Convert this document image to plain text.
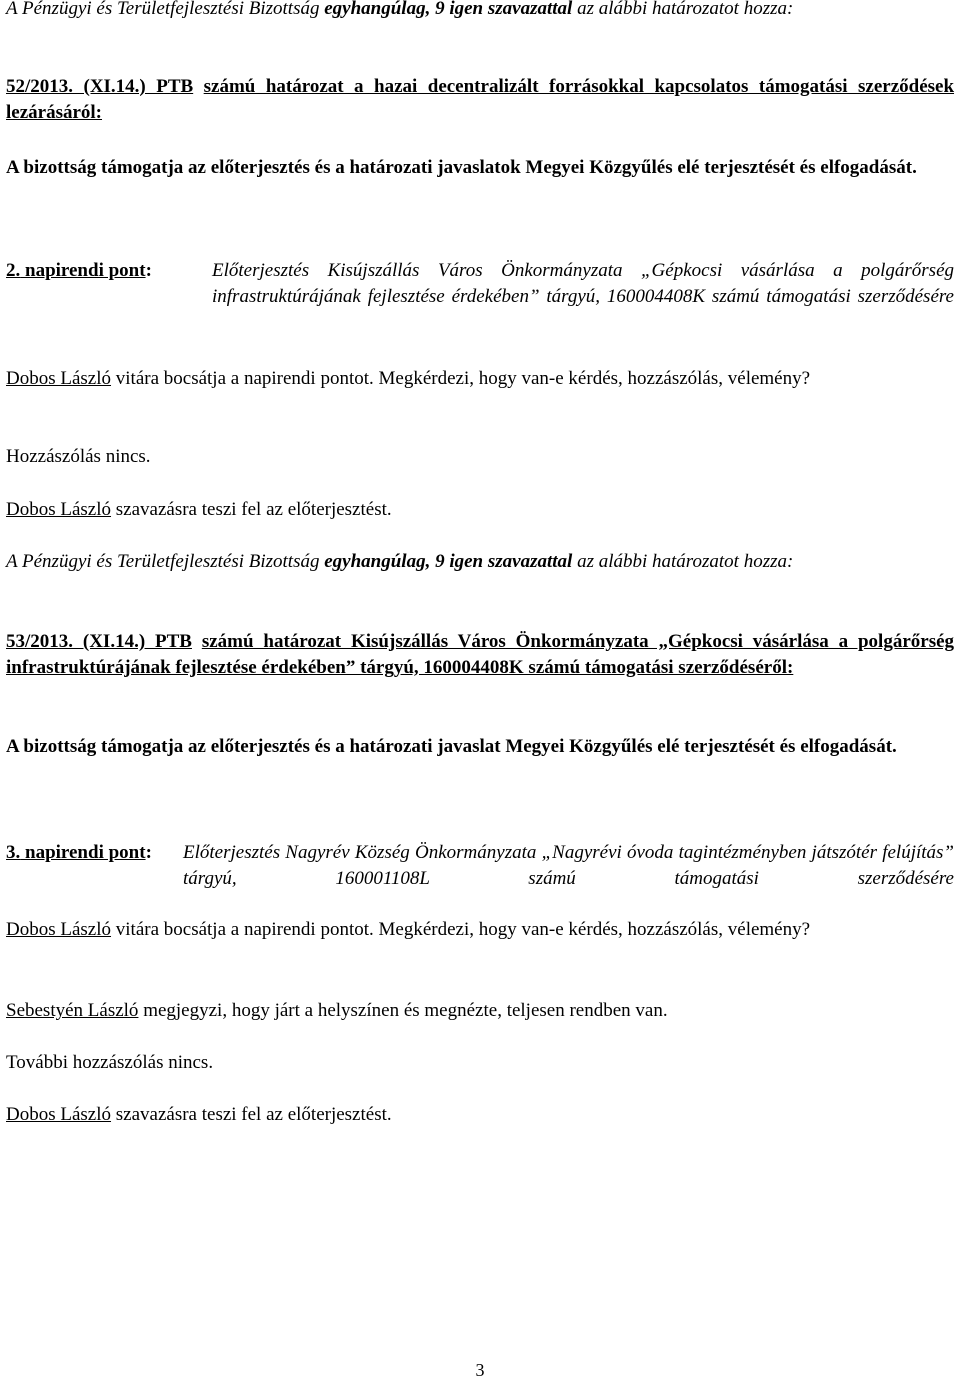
A Pénzügyi és Területfejlesztési Bizottság egyhangúlag, 9 igen szavazattal az alábbi határozatot hozza:

52/2013. (XI.14.) PTB számú határozat a hazai decentralizált forrásokkal kapcsolatos támogatási szerződések lezárásáról:

A bizottság támogatja az előterjesztés és a határozati javaslatok Megyei Közgyűlés elé terjesztését és elfogadását.

2. napirendi pont:	Előterjesztés Kisújszállás Város Önkormányzata „Gépkocsi vásárlása a polgárőrség infrastruktúrájának fejlesztése érdekében” tárgyú, 160004408K számú támogatási szerződésére

Dobos László vitára bocsátja a napirendi pontot. Megkérdezi, hogy van-e kérdés, hozzászólás, vélemény?

Hozzászólás nincs.

Dobos László szavazásra teszi fel az előterjesztést.

A Pénzügyi és Területfejlesztési Bizottság egyhangúlag, 9 igen szavazattal az alábbi határozatot hozza:

53/2013. (XI.14.) PTB számú határozat Kisújszállás Város Önkormányzata „Gépkocsi vásárlása a polgárőrség infrastruktúrájának fejlesztése érdekében” tárgyú, 160004408K számú támogatási szerződéséről:

A bizottság támogatja az előterjesztés és a határozati javaslat Megyei Közgyűlés elé terjesztését és elfogadását.

3. napirendi pont: Előterjesztés Nagyrév Község Önkormányzata „Nagyrévi óvoda tagintézményben játszótér felújítás” tárgyú, 160001108L számú támogatási szerződésére

Dobos László vitára bocsátja a napirendi pontot. Megkérdezi, hogy van-e kérdés, hozzászólás, vélemény?

Sebestyén László megjegyzi, hogy járt a helyszínen és megnézte, teljesen rendben van.

További hozzászólás nincs.

Dobos László szavazásra teszi fel az előterjesztést.

3
